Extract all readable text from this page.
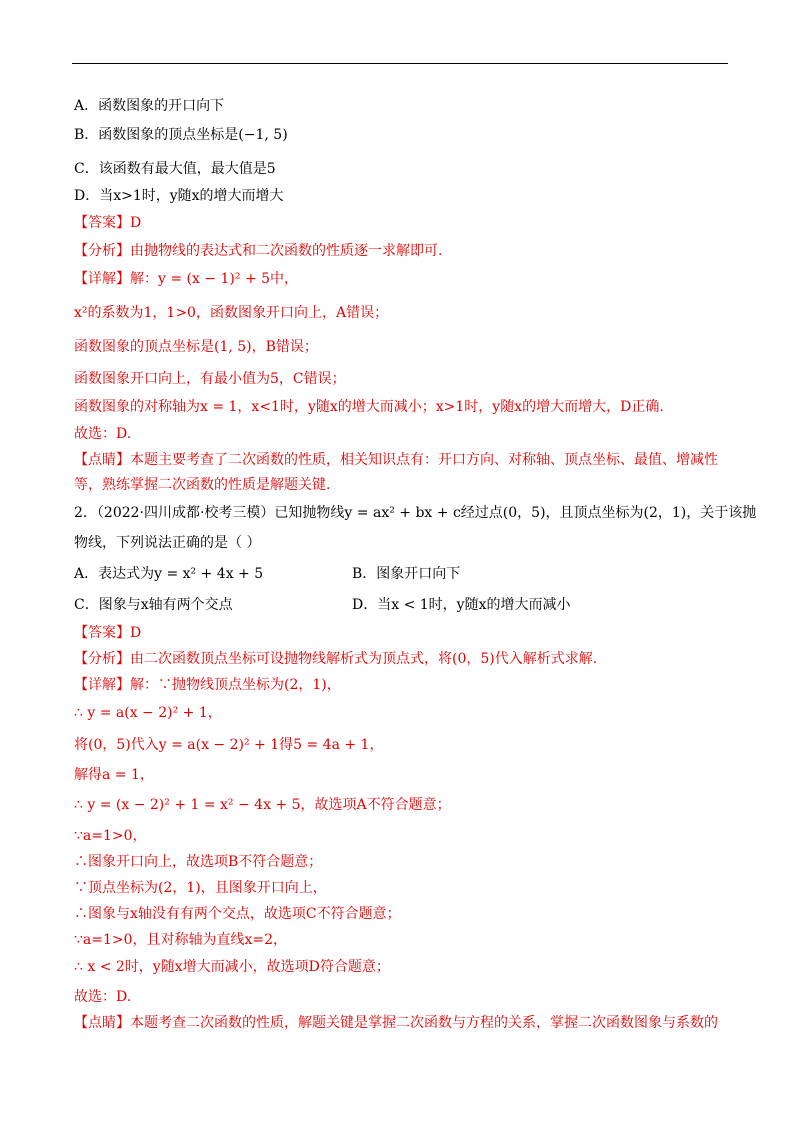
A．函数图象的开口向下
B．函数图象的顶点坐标是(−1, 5)
C．该函数有最大值，最大值是5
D．当x>1时，y随x的增大而增大
【答案】D
【分析】由抛物线的表达式和二次函数的性质逐一求解即可.
【详解】解：y = (x − 1)² + 5中，
x²的系数为1，1>0，函数图象开口向上，A错误；
函数图象的顶点坐标是(1, 5)，B错误；
函数图象开口向上，有最小值为5，C错误；
函数图象的对称轴为x = 1，x<1时，y随x的增大而减小；x>1时，y随x的增大而增大，D正确.
故选：D.
【点睛】本题主要考查了二次函数的性质，相关知识点有：开口方向、对称轴、顶点坐标、最值、增减性
等，熟练掌握二次函数的性质是解题关键.
2．（2022·四川成都·校考三模）已知抛物线y = ax² + bx + c经过点(0，5)，且顶点坐标为(2，1)，关于该抛
物线，下列说法正确的是（ ）
A．表达式为y = x² + 4x + 5	B．图象开口向下
C．图象与x轴有两个交点	D．当x < 1时，y随x的增大而减小
【答案】D
【分析】由二次函数顶点坐标可设抛物线解析式为顶点式，将(0，5)代入解析式求解.
【详解】解：∵抛物线顶点坐标为(2，1)，
∴ y = a(x − 2)² + 1，
将(0，5)代入y = a(x − 2)² + 1得5 = 4a + 1，
解得a = 1，
∴ y = (x − 2)² + 1 = x² − 4x + 5，故选项A不符合题意；
∵a=1>0，
∴图象开口向上，故选项B不符合题意；
∵顶点坐标为(2，1)，且图象开口向上，
∴图象与x轴没有有两个交点，故选项C不符合题意；
∵a=1>0，且对称轴为直线x=2，
∴ x < 2时，y随x增大而减小，故选项D符合题意；
故选：D.
【点睛】本题考查二次函数的性质，解题关键是掌握二次函数与方程的关系，掌握二次函数图象与系数的
